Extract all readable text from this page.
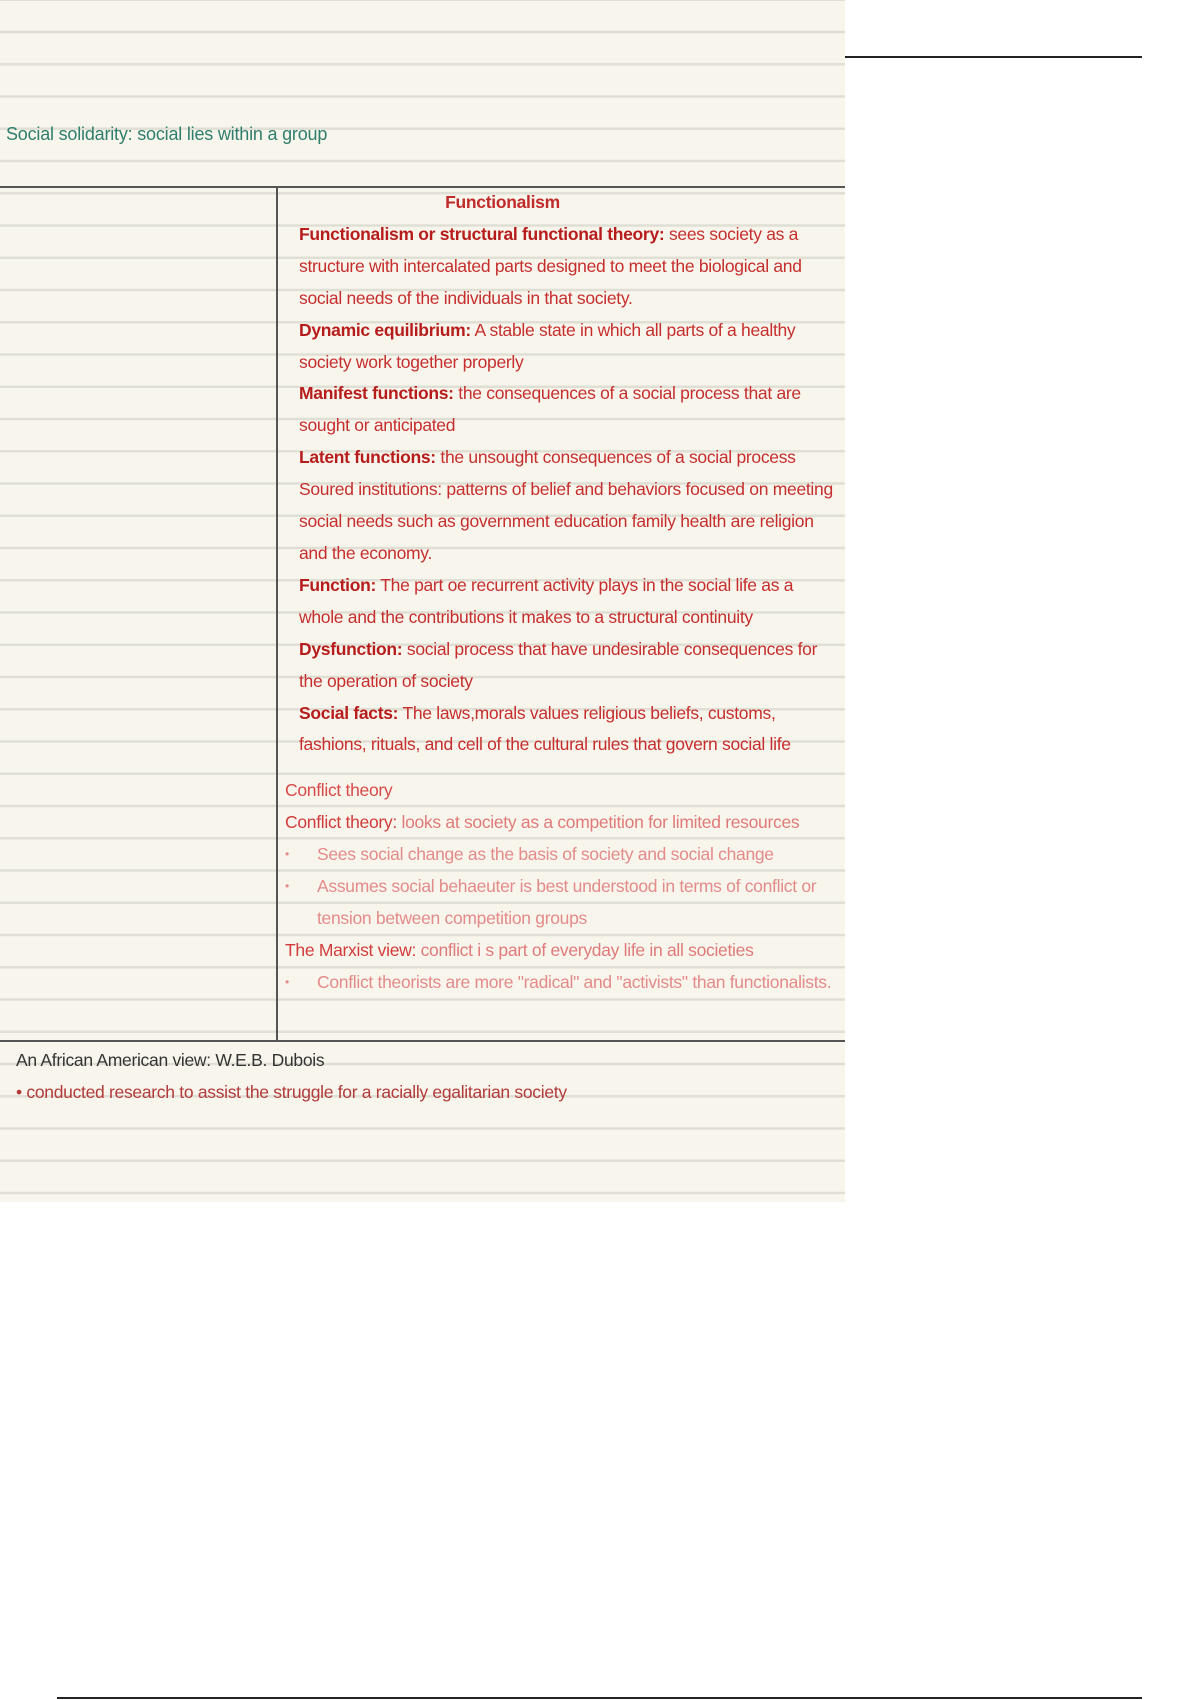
Social solidarity: social lies within a group
Functionalism
Functionalism or structural functional theory: sees society as a structure with intercalated parts designed to meet the biological and social needs of the individuals in that society.
Dynamic equilibrium: A stable state in which all parts of a healthy society work together properly
Manifest functions: the consequences of a social process that are sought or anticipated
Latent functions: the unsought consequences of a social process
Soured institutions: patterns of belief and behaviors focused on meeting social needs such as government education family health are religion and the economy.
Function: The part oe recurrent activity plays in the social life as a whole and the contributions it makes to a structural continuity
Dysfunction: social process that have undesirable consequences for the operation of society
Social facts: The laws,morals values religious beliefs, customs, fashions, rituals, and cell of the cultural rules that govern social life
Conflict theory
Conflict theory: looks at society as a competition for limited resources
• Sees social change as the basis of society and social change
• Assumes social behaeuter is best understood in terms of conflict or tension between competition groups
The Marxist view: conflict i s part of everyday life in all societies
• Conflict theorists are more "radical" and "activists" than functionalists.
An African American view: W.E.B. Dubois
• conducted research to assist the struggle for a racially egalitarian society
